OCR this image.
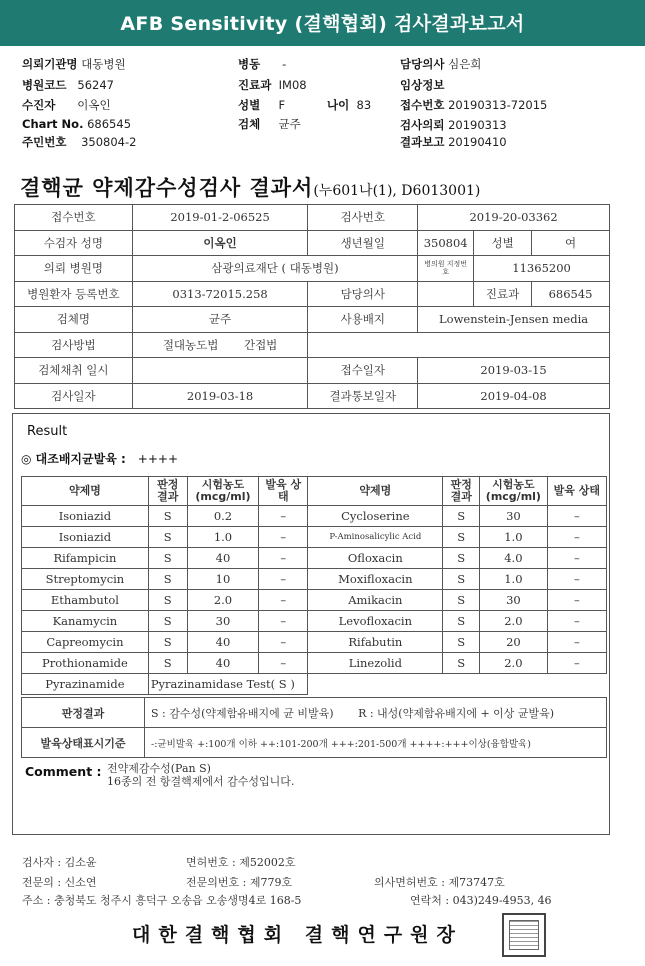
AFB Sensitivity (결핵협회) 검사결과보고서
의뢰기관명 대동병원
병원코드 56247
수진자 이옥인
Chart No. 686545
주민번호 350804-2
병동 -
진료과 IM08
성별 F	나이 83
검체 균주
담당의사 심은희
임상정보
접수번호 20190313-72015
검사의뢰 20190313
결과보고 20190410
결핵균 약제감수성검사 결과서(누601나(1), D6013001)
접수번호	2019-01-2-06525	검사번호	2019-20-03362		
수검자 성명	이옥인	생년월일	350804	성별	여
의뢰 병원명	삼광의료재단 ( 대동병원)		병의원 지정번호	11365200	
병원환자 등록번호	0313-72015.258	담당의사		진료과	686545
검체명	균주	사용배지	Lowenstein-Jensen media		
검사방법	절대농도법 간접법				
검체채취 일시		접수일자	2019-03-15		
검사일자	2019-03-18	결과통보일자	2019-04-08		
Result
◎ 대조배지균발육 : ++++
약제명	판정 결과	시험농도 (mcg/ml)	발육 상태	약제명	판정 결과	시험농도 (mcg/ml)	발육 상태
Isoniazid	S	0.2	–	Cycloserine	S	30	–
Isoniazid	S	1.0	–	P-Aminosalicylic Acid	S	1.0	–
Rifampicin	S	40	–	Ofloxacin	S	4.0	–
Streptomycin	S	10	–	Moxifloxacin	S	1.0	–
Ethambutol	S	2.0	–	Amikacin	S	30	–
Kanamycin	S	30	–	Levofloxacin	S	2.0	–
Capreomycin	S	40	–	Rifabutin	S	20	–
Prothionamide	S	40	–	Linezolid	S	2.0	–
Pyrazinamide	Pyrazinamidase Test( S )						
판정결과	S : 감수성(약제함유배지에 균 비발육) R : 내성(약제함유배지에 + 이상 균발육)
발육상태표시기준	-:균비발육 +:100개 이하 ++:101-200개 +++:201-500개 ++++:+++이상(융합발육)
Comment : 전약제감수성(Pan S)
16종의 전 항결핵제에서 감수성입니다.
검사자 : 김소윤	면허번호 : 제52002호
전문의 : 신소연	전문의번호 : 제779호	의사면허번호 : 제73747호
주소 : 충청북도 청주시 흥덕구 오송읍 오송생명4로 168-5	연락처 : 043)249-4953, 46
대한결핵협회 결핵연구원장
